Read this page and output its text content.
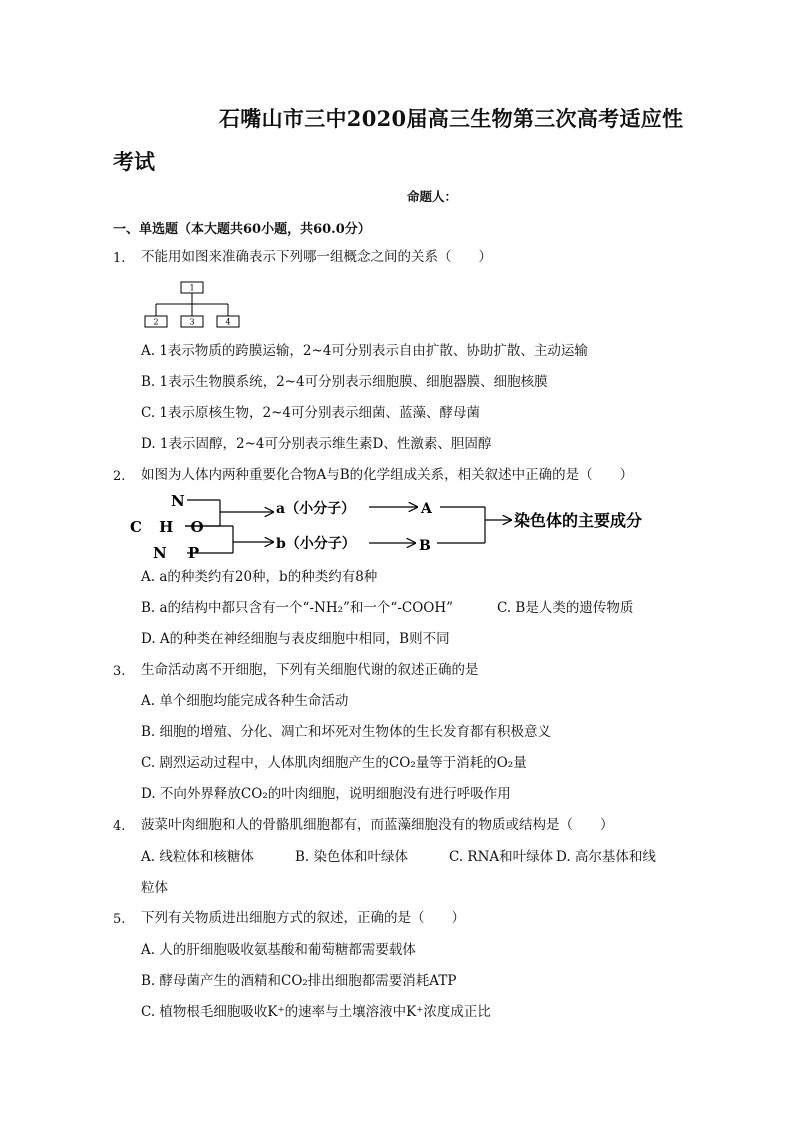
石嘴山市三中2020届高三生物第三次高考适应性
考试
命题人：
一、单选题（本大题共60小题，共60.0分）
1. 不能用如图来准确表示下列哪一组概念之间的关系（　　）
1
2	3	4
A. 1表示物质的跨膜运输，2~4可分别表示自由扩散、协助扩散、主动运输
B. 1表示生物膜系统，2~4可分别表示细胞膜、细胞器膜、细胞核膜
C. 1表示原核生物，2~4可分别表示细菌、蓝藻、酵母菌
D. 1表示固醇，2~4可分别表示维生素D、性激素、胆固醇
2. 如图为人体内两种重要化合物A与B的化学组成关系，相关叙述中正确的是（　　）
N
C H O
N P
a（小分子）
b（小分子）
A
B
染色体的主要成分
A. a的种类约有20种，b的种类约有8种
B. a的结构中都只含有一个“-NH₂”和一个“-COOH”	C. B是人类的遗传物质
D. A的种类在神经细胞与表皮细胞中相同，B则不同
3. 生命活动离不开细胞，下列有关细胞代谢的叙述正确的是
A. 单个细胞均能完成各种生命活动
B. 细胞的增殖、分化、凋亡和坏死对生物体的生长发育都有积极意义
C. 剧烈运动过程中，人体肌肉细胞产生的CO₂量等于消耗的O₂量
D. 不向外界释放CO₂的叶肉细胞，说明细胞没有进行呼吸作用
4. 菠菜叶肉细胞和人的骨骼肌细胞都有，而蓝藻细胞没有的物质或结构是（　　）
A. 线粒体和核糖体	B. 染色体和叶绿体	C. RNA和叶绿体 D. 高尔基体和线
粒体
5. 下列有关物质进出细胞方式的叙述，正确的是（　　）
A. 人的肝细胞吸收氨基酸和葡萄糖都需要载体
B. 酵母菌产生的酒精和CO₂排出细胞都需要消耗ATP
C. 植物根毛细胞吸收K⁺的速率与土壤溶液中K⁺浓度成正比
